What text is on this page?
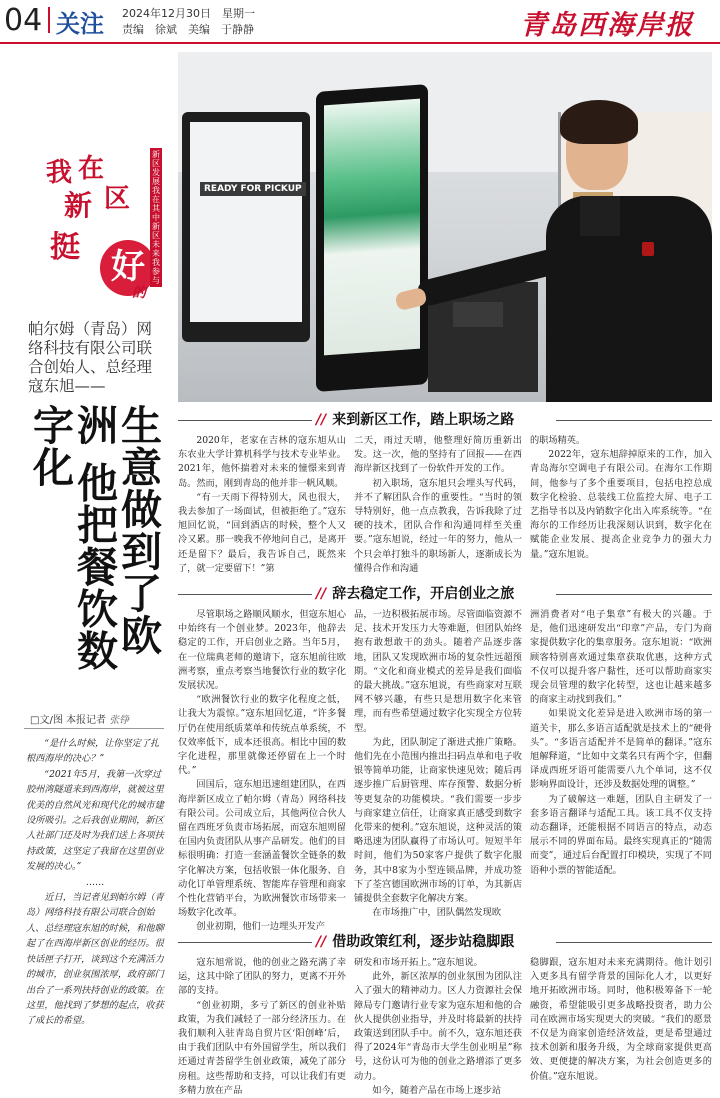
04 关注 2024年12月30日　星期一
责编　徐斌　美编　于静静	青岛西海岸报
READY FOR PICKUP
我 在
新 区
挺 好
的
新区发展我在其中 新区未来我参与
帕尔姆（青岛）网络科技有限公司联合创始人、总经理寇东旭——
生意做到了欧洲 他把餐饮数字化
□文/图 本报记者 张铮

“是什么时候，让你坚定了扎根西海岸的决心？”

“2021年5月，我第一次穿过胶州湾隧道来到西海岸，就被这里优美的自然风光和现代化的城市建设所吸引。之后我创业期间，新区人社部门还及时为我们送上各项扶持政策，这坚定了我留在这里创业发展的决心。”

……

近日，当记者见到帕尔姆（青岛）网络科技有限公司联合创始人、总经理寇东旭的时候，和他聊起了在西海岸新区创业的经历。很快话匣子打开，谈到这个充满活力的城市，创业氛围浓厚，政府部门出台了一系列扶持创业的政策。在这里，他找到了梦想的起点，收获了成长的希望。

// 来到新区工作，踏上职场之路

2020年，老家在吉林的寇东旭从山东农业大学计算机科学与技术专业毕业。2021年，他怀揣着对未来的憧憬来到青岛。然而，刚到青岛的他并非一帆风顺。

“有一天雨下得特别大，风也很大，我去参加了一场面试，但被拒绝了。”寇东旭回忆说，“回到酒店的时候，整个人又冷又累。那一晚我不停地问自己，是离开还是留下？最后，我告诉自己，既然来了，就一定要留下！”第

二天，雨过天晴，他整理好简历重新出发。这一次，他的坚持有了回报——在西海岸新区找到了一份软件开发的工作。

初入职场，寇东旭只会埋头写代码，并不了解团队合作的重要性。“当时的领导特别好，他一点点教我，告诉我除了过硬的技术，团队合作和沟通同样至关重要。”寇东旭说，经过一年的努力，他从一个只会单打独斗的职场新人，逐渐成长为懂得合作和沟通

的职场精英。

2022年，寇东旭辞掉原来的工作，加入青岛海尔空调电子有限公司。在海尔工作期间，他参与了多个重要项目，包括电控总成数字化检验、总装线工位监控大屏、电子工艺指导书以及内销数字化出入库系统等。“在海尔的工作经历让我深刻认识到，数字化在赋能企业发展、提高企业竞争力的强大力量。”寇东旭说。

// 辞去稳定工作，开启创业之旅

尽管职场之路顺风顺水，但寇东旭心中始终有一个创业梦。2023年，他辞去稳定的工作，开启创业之路。当年5月，在一位瑞典老师的邀请下，寇东旭前往欧洲考察，重点考察当地餐饮行业的数字化发展状况。

“欧洲餐饮行业的数字化程度之低，让我大为震惊。”寇东旭回忆道，“许多餐厅仍在使用纸质菜单和传统点单系统，不仅效率低下，成本还很高。相比中国的数字化进程，那里就像还停留在上一个时代。”

回国后，寇东旭迅速组建团队，在西海岸新区成立了帕尔姆（青岛）网络科技有限公司。公司成立后，其他两位合伙人留在西班牙负责市场拓展，而寇东旭则留在国内负责团队从事产品研发。他们的目标很明确：打造一套涵盖餐饮全链条的数字化解决方案，包括收银一体化服务、自动化订单管理系统、智能库存管理和商家个性化营销平台，为欧洲餐饮市场带来一场数字化改革。

创业初期，他们一边埋头开发产

品，一边积极拓展市场。尽管面临资源不足、技术开发压力大等难题，但团队始终抱有敢想敢干的劲头。随着产品逐步落地，团队又发现欧洲市场的复杂性远超预期。“文化和商业模式的差异是我们面临的最大挑战。”寇东旭说，有些商家对互联网不够兴趣，有些只是想用数字化来管理，而有些希望通过数字化实现全方位转型。

为此，团队制定了渐进式推广策略。他们先在小范围内推出扫码点单和电子收银等简单功能，让商家快速见效；随后再逐步推广后厨管理、库存预警、数据分析等更复杂的功能模块。“我们需要一步步与商家建立信任，让商家真正感受到数字化带来的便利。”寇东旭说，这种灵活的策略迅速为团队赢得了市场认可。短短半年时间，他们为50家客户提供了数字化服务，其中8家为小型连锁品牌，并成功签下了荃宫德国欧洲市场的订单，为其新店铺提供全套数字化解决方案。

在市场推广中，团队偶然发现欧

洲消费者对“电子集章”有极大的兴趣。于是，他们迅速研发出“印章”产品，专门为商家提供数字化的集章服务。寇东旭说：“欧洲顾客特别喜欢通过集章获取优惠，这种方式不仅可以提升客户黏性，还可以帮助商家实现会员管理的数字化转型，这也让越来越多的商家主动找到我们。”

如果说文化差异是进入欧洲市场的第一道关卡，那么多语言适配就是技术上的“硬骨头”。“多语言适配并不是简单的翻译。”寇东旭解释道，“比如中文菜名只有两个字，但翻译成西班牙语可能需要八九个单词，这不仅影响界面设计，还涉及数据处理的调整。”

为了破解这一难题，团队自主研发了一套多语言翻译与适配工具。该工具不仅支持动态翻译，还能根据不同语言的特点，动态展示不同的界面布局。最终实现真正的“随需而变”，通过后台配置打印模块，实现了不同语种小票的智能适配。

// 借助政策红利，逐步站稳脚跟

寇东旭常说，他的创业之路充满了幸运，这其中除了团队的努力，更离不开外部的支持。

“创业初期，多亏了新区的创业补贴政策，为我们减轻了一部分经济压力。在我们顺利入驻青岛自贸片区‘阳创峰’后，由于我们团队中有外国留学生，所以我们还通过青荟留学生创业政策，减免了部分房租。这些帮助和支持，可以让我们有更多精力放在产品

研发和市场开拓上。”寇东旭说。

此外，新区浓厚的创业氛围为团队注入了强大的精神动力。区人力资源社会保障局专门邀请行业专家为寇东旭和他的合伙人提供创业指导，并及时将最新的扶持政策送到团队手中。前不久，寇东旭还获得了2024年“青岛市大学生创业明星”称号，这份认可为他的创业之路增添了更多动力。

如今，随着产品在市场上逐步站

稳脚跟，寇东旭对未来充满期待。他计划引入更多具有留学背景的国际化人才，以更好地开拓欧洲市场。同时，他积极筹备下一轮融资，希望能吸引更多战略投资者，助力公司在欧洲市场实现更大的突破。“我们的愿景不仅是为商家创造经济效益，更是希望通过技术创新和服务升级，为全球商家提供更高效、更便捷的解决方案，为社会创造更多的价值。”寇东旭说。
